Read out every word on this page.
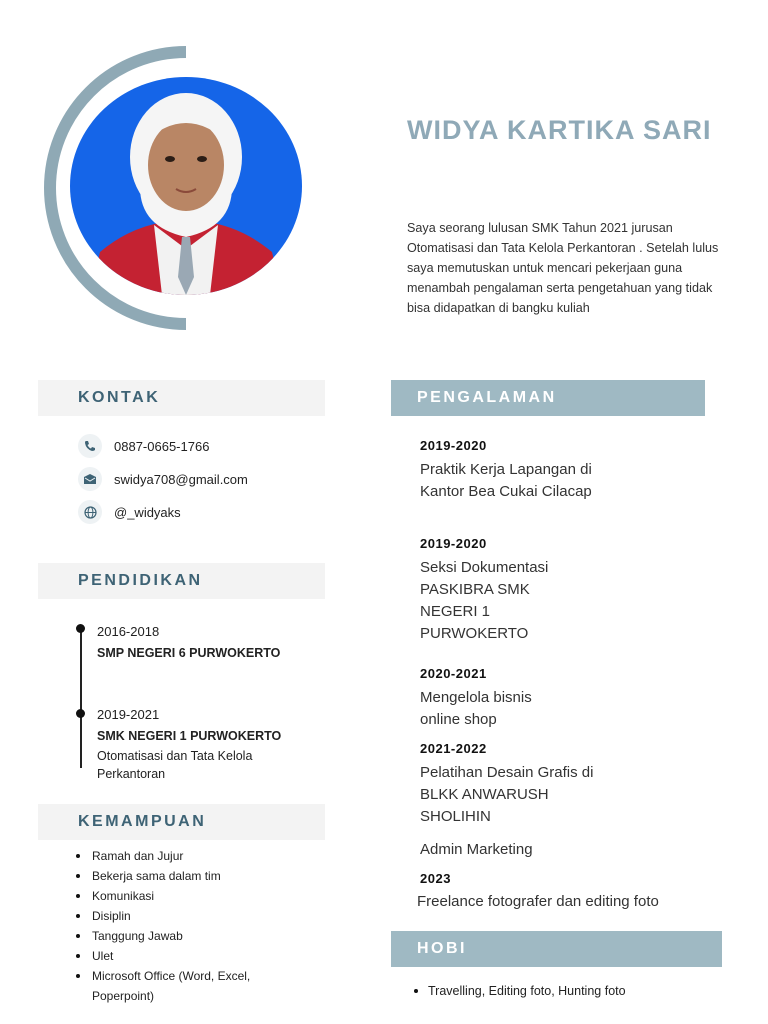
WIDYA KARTIKA SARI

Saya seorang lulusan SMK Tahun 2021 jurusan Otomatisasi dan Tata Kelola Perkantoran . Setelah lulus saya memutuskan untuk mencari pekerjaan guna menambah pengalaman serta pengetahuan yang tidak bisa didapatkan di bangku kuliah

KONTAK
0887-0665-1766
swidya708@gmail.com
@_widyaks
PENDIDIKAN
2016-2018
SMP NEGERI 6 PURWOKERTO
2019-2021
SMK NEGERI 1 PURWOKERTO
Otomatisasi dan Tata Kelola Perkantoran
KEMAMPUAN
Ramah dan Jujur
Bekerja sama dalam tim
Komunikasi
Disiplin
Tanggung Jawab
Ulet
Microsoft Office (Word, Excel, Poperpoint)
PENGALAMAN
2019-2020
Praktik Kerja Lapangan di Kantor Bea Cukai Cilacap
2019-2020
Seksi Dokumentasi PASKIBRA SMK NEGERI 1 PURWOKERTO
2020-2021
Mengelola bisnis online shop
2021-2022
Pelatihan Desain Grafis di BLKK ANWARUSH SHOLIHIN
Admin Marketing
2023
Freelance fotografer dan editing foto
HOBI
Travelling, Editing foto, Hunting foto
